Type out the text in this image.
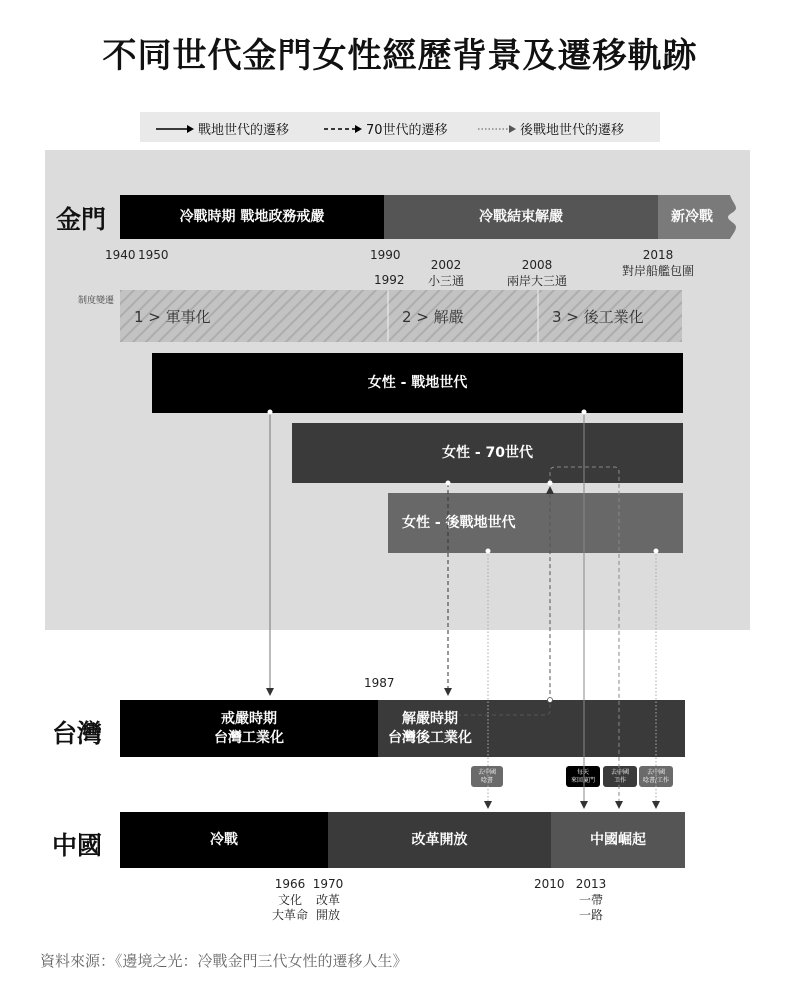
不同世代金門女性經歷背景及遷移軌跡
戰地世代的遷移	70世代的遷移	後戰地世代的遷移
金門	冷戰時期 戰地政務戒嚴	冷戰結束解嚴	新冷戰
1940 1950	1990
1992
2002
小三通
2008
兩岸大三通
2018
對岸船艦包圍
制度變遷
1 > 軍事化	2 > 解嚴	3 > 後工業化
女性 - 戰地世代
女性 - 70世代
女性 - 後戰地世代
台灣
1987
戒嚴時期
台灣工業化
解嚴時期
台灣後工業化
去中國
唸書
每天
來回廈門
去中國
工作
去中國
唸書/工作
中國	冷戰	改革開放	中國崛起
1966
文化
大革命
1970
改革
開放
2010 2013
一帶
一路
資料來源：《邊境之光：冷戰金門三代女性的遷移人生》
